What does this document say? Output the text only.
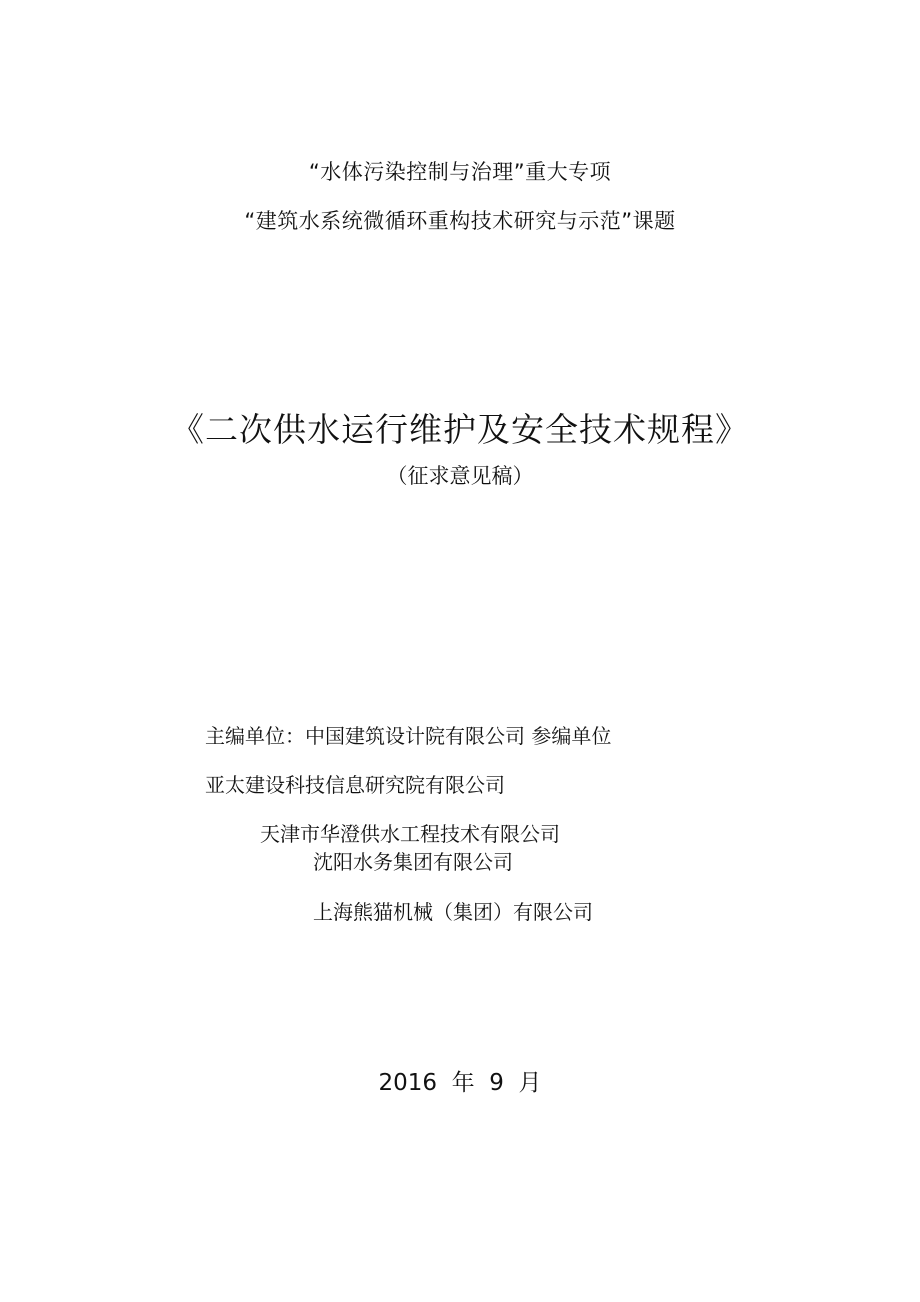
“水体污染控制与治理”重大专项

“建筑水系统微循环重构技术研究与示范”课题

《二次供水运行维护及安全技术规程》

（征求意见稿）

主编单位：中国建筑设计院有限公司 参编单位

亚太建设科技信息研究院有限公司

天津市华澄供水工程技术有限公司

沈阳水务集团有限公司

上海熊猫机械（集团）有限公司

2016  年  9  月
